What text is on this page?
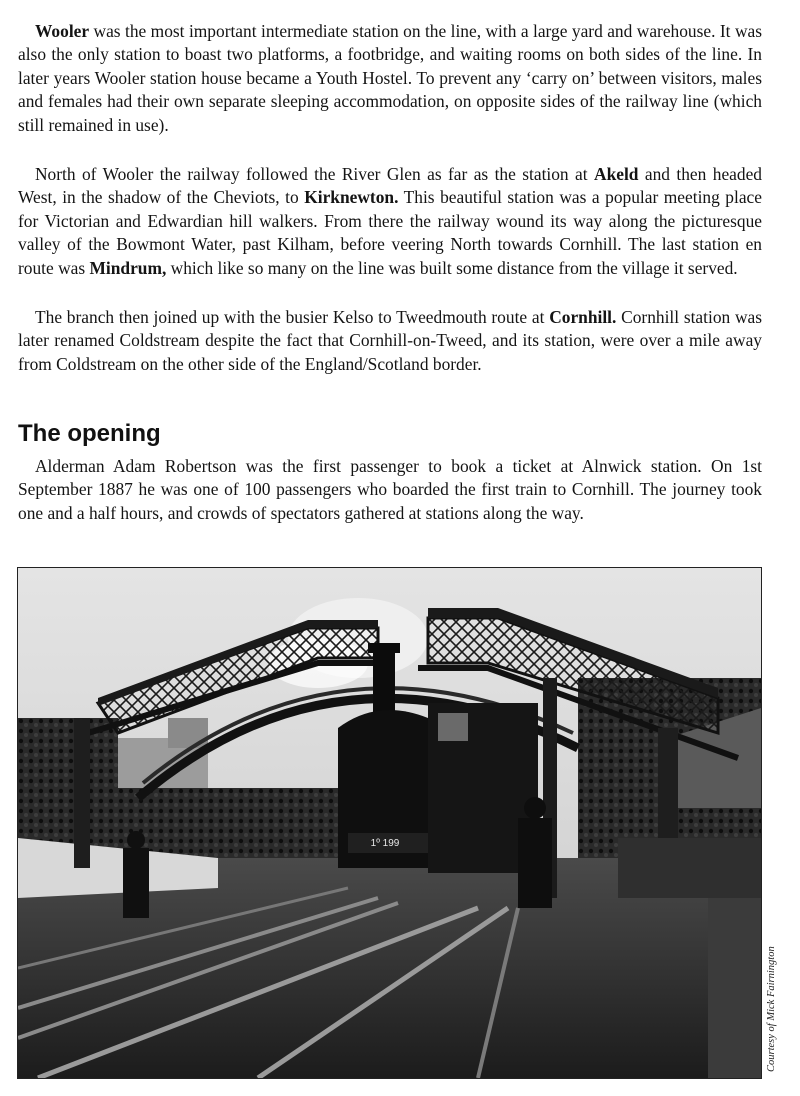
Wooler was the most important intermediate station on the line, with a large yard and warehouse. It was also the only station to boast two platforms, a footbridge, and waiting rooms on both sides of the line. In later years Wooler station house became a Youth Hostel. To prevent any ‘carry on’ between visitors, males and females had their own separate sleeping accommodation, on opposite sides of the railway line (which still remained in use).

North of Wooler the railway followed the River Glen as far as the station at Akeld and then headed West, in the shadow of the Cheviots, to Kirknewton. This beautiful station was a popular meeting place for Victorian and Edwardian hill walkers. From there the railway wound its way along the picturesque valley of the Bowmont Water, past Kilham, before veering North towards Cornhill. The last station en route was Mindrum, which like so many on the line was built some distance from the village it served.

The branch then joined up with the busier Kelso to Tweedmouth route at Cornhill. Cornhill station was later renamed Coldstream despite the fact that Cornhill-on-Tweed, and its station, were over a mile away from Coldstream on the other side of the England/Scotland border.

The opening

Alderman Adam Robertson was the first passenger to book a ticket at Alnwick station. On 1st September 1887 he was one of 100 passengers who boarded the first train to Cornhill. The journey took one and a half hours, and crowds of spectators gathered at stations along the way.

1º 199
Courtesy of Mick Fairnington
